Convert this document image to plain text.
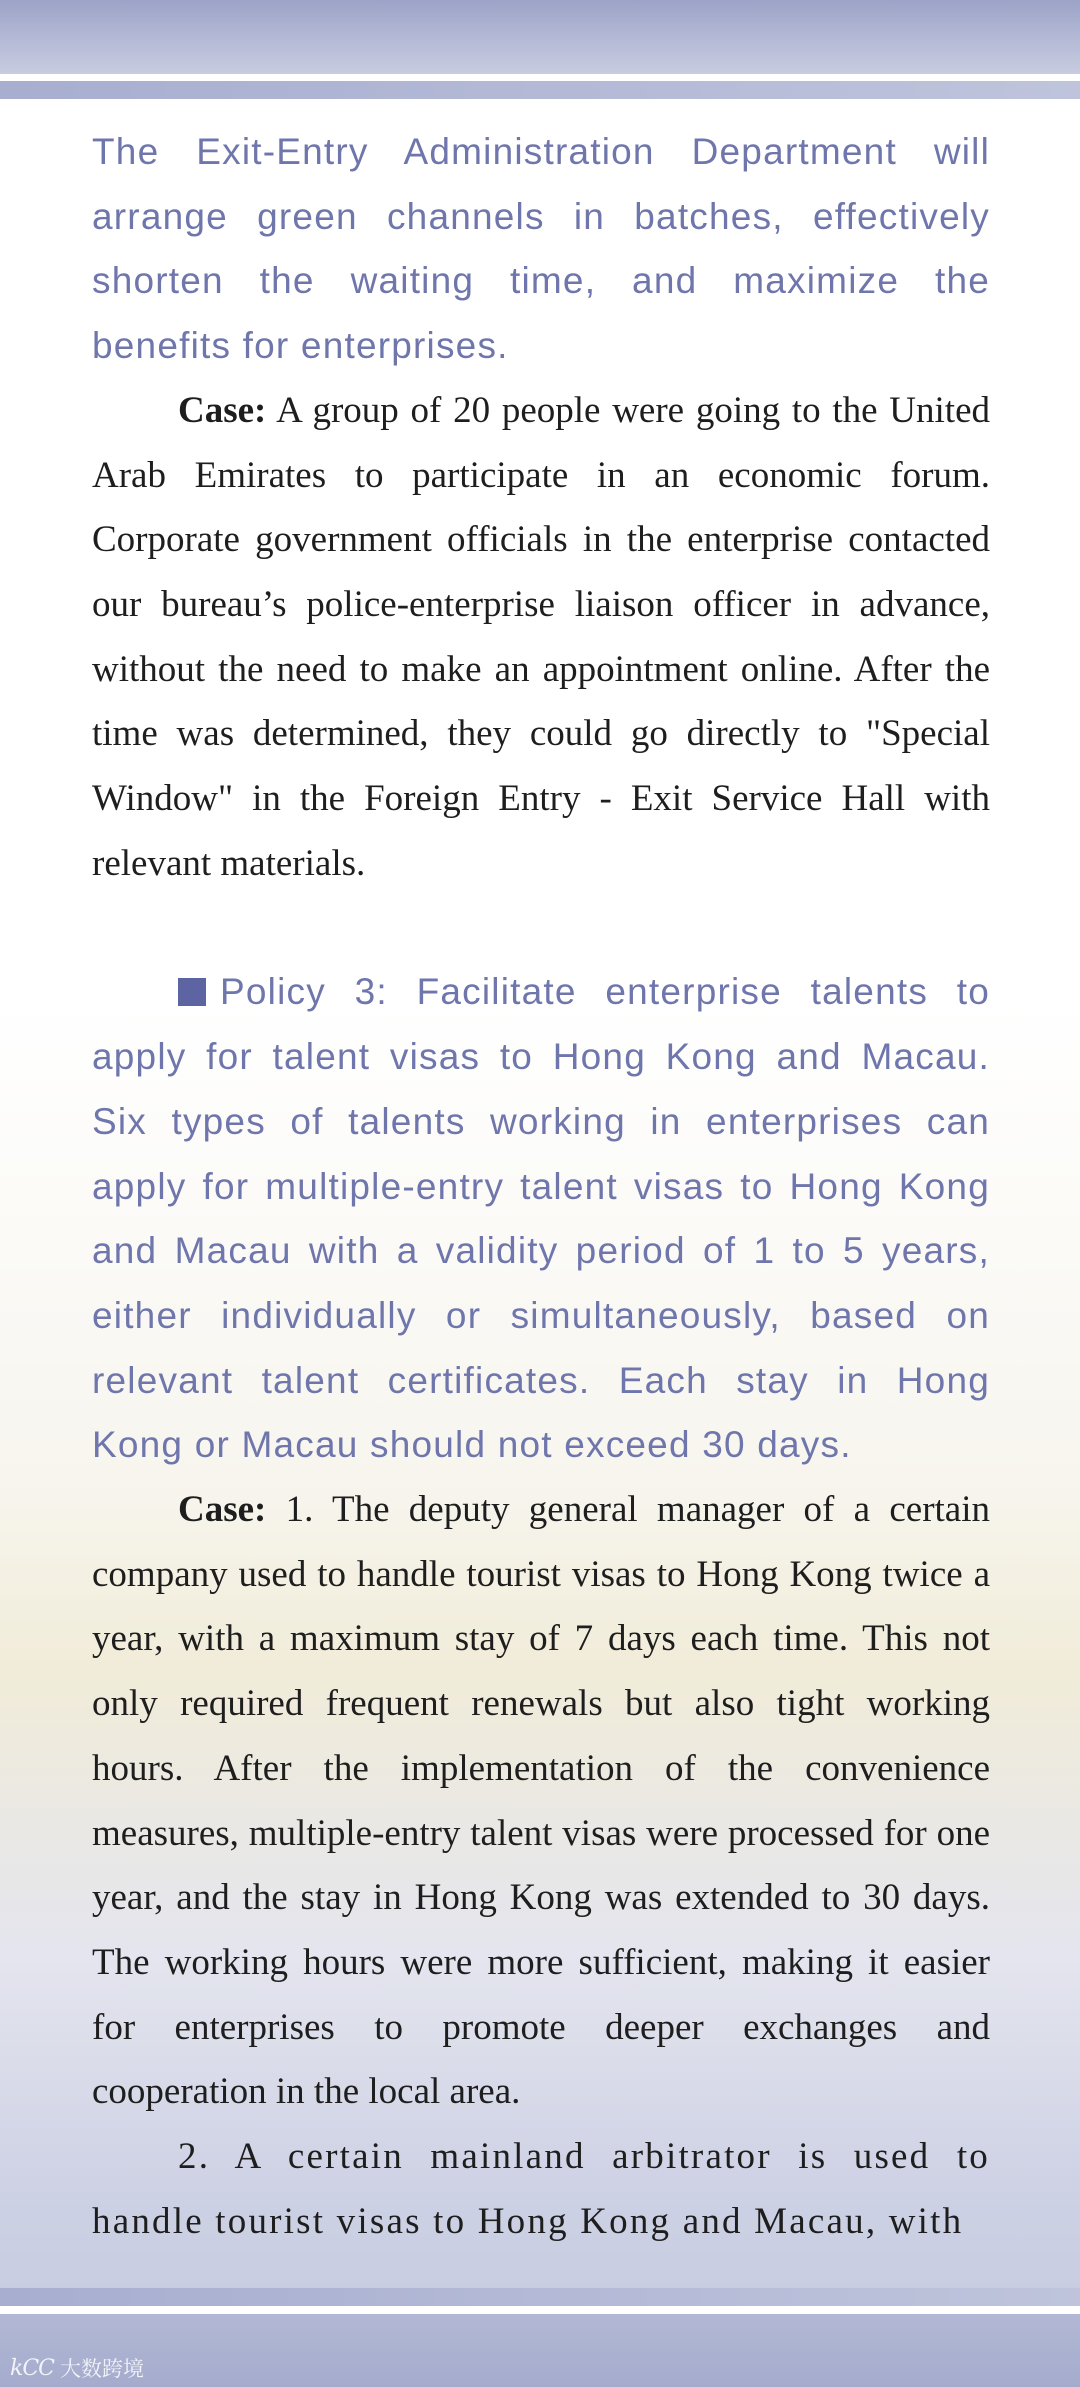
The Exit-Entry Administration Department will arrange green channels in batches, effectively shorten the waiting time, and maximize the benefits for enterprises.

Case: A group of 20 people were going to the United Arab Emirates to participate in an economic forum. Corporate government officials in the enterprise contacted our bureau’s police-enterprise liaison officer in advance, without the need to make an appointment online. After the time was determined, they could go directly to "Special Window" in the Foreign Entry - Exit Service Hall with relevant materials.

Policy 3: Facilitate enterprise talents to apply for talent visas to Hong Kong and Macau. Six types of talents working in enterprises can apply for multiple-entry talent visas to Hong Kong and Macau with a validity period of 1 to 5 years, either individually or simultaneously, based on relevant talent certificates. Each stay in Hong Kong or Macau should not exceed 30 days.

Case: 1. The deputy general manager of a certain company used to handle tourist visas to Hong Kong twice a year, with a maximum stay of 7 days each time. This not only required frequent renewals but also tight working hours. After the implementation of the convenience measures, multiple-entry talent visas were processed for one year, and the stay in Hong Kong was extended to 30 days. The working hours were more sufficient, making it easier for enterprises to promote deeper exchanges and cooperation in the local area.

2. A certain mainland arbitrator is used to handle tourist visas to Hong Kong and Macau, with

kCC 大数跨境
